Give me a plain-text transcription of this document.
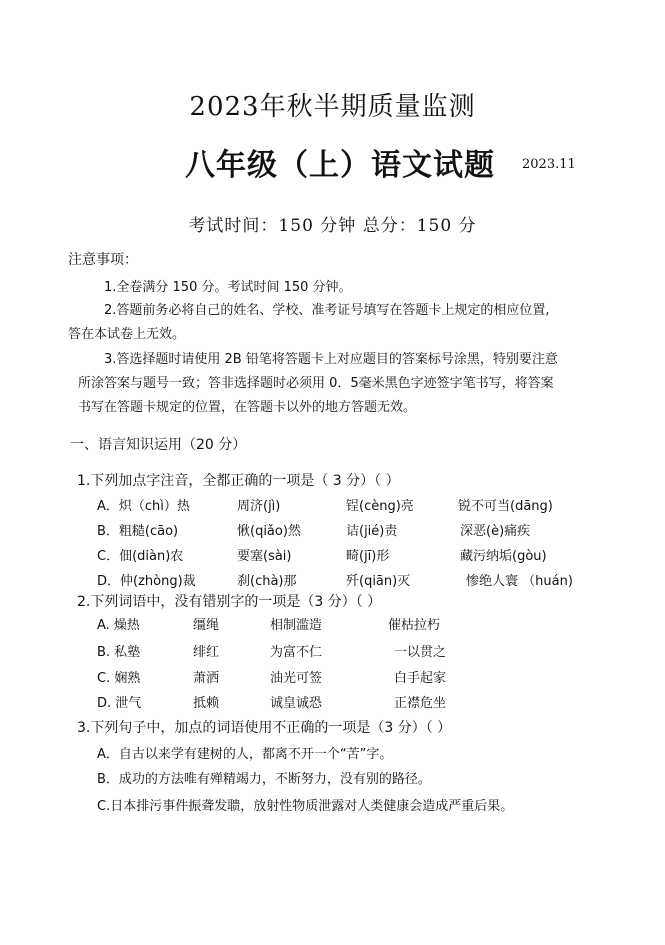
2023年秋半期质量监测
八年级（上）语文试题 2023.11
考试时间：150 分钟 总分：150 分
注意事项：
1.全卷满分 150 分。考试时间 150 分钟。
2.答题前务必将自己的姓名、学校、准考证号填写在答题卡上规定的相应位置,
答在本试卷上无效。
3.答选择题时请使用 2B 铅笔将答题卡上对应题目的答案标号涂黑，特别要注意
所涂答案与题号一致；答非选择题时必须用 0．5毫米黑色字迹签字笔书写，将答案
书写在答题卡规定的位置，在答题卡以外的地方答题无效。
一、语言知识运用（20 分）
1.下列加点字注音，全都正确的一项是（ 3 分）（ ）
A．炽（chì）热	周济(jì)	锃(cèng)亮	锐不可当(dāng)
B．粗糙(cāo)	愀(qiǎo)然	诘(jié)责	深恶(è)痛疾
C．佃(diàn)农	要塞(sài)	畸(jī)形	藏污纳垢(gòu)
D．仲(zhòng)裁	刹(chà)那	歼(qiān)灭	惨绝人寰 （huán)
2.下列词语中，没有错别字的一项是（3 分）（ ）
A. 燥热	缰绳	相制滥造	催枯拉朽
B. 私塾	绯红	为富不仁	一以贯之
C. 娴熟	萧洒	油光可签	白手起家
D. 泄气	抵赖	诚皇诚恐	正襟危坐
3.下列句子中，加点的词语使用不正确的一项是（3 分）（ ）
A．自古以来学有建树的人，都离不开一个“苦”字。
B．成功的方法唯有殚精竭力，不断努力，没有别的路径。
C.日本排污事件振聋发聩，放射性物质泄露对人类健康会造成严重后果。
